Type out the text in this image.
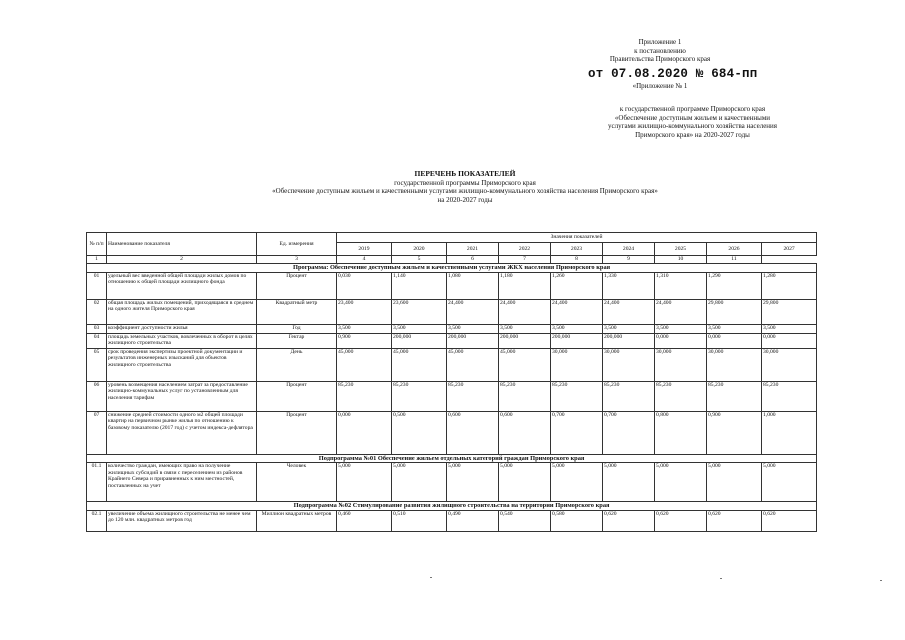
Приложение 1
к постановлению
Правительства Приморского края
от 07.08.2020 № 684-пп
«Приложение № 1
к государственной программе Приморского края
«Обеспечение доступным жильем и качественными
услугами жилищно-коммунального хозяйства населения
Приморского края» на 2020-2027 годы
ПЕРЕЧЕНЬ ПОКАЗАТЕЛЕЙ
государственной программы Приморского края
«Обеспечение доступным жильем и качественными услугами жилищно-коммунального хозяйства населения Приморского края»
на 2020-2027 годы
№ п/п	Наименование показателя	Ед. измерения	Значения показателей								
			2019	2020	2021	2022	2023	2024	2025	2026	2027
1	2	3	4	5	6	7	8	9	10	11	
Программа: Обеспечение доступным жильем и качественными услугами ЖКХ населения Приморского края											
01	удельный вес введенной общей площади жилых домов по отношению к общей площади жилищного фонда	Процент	0,030	1,140	1,080	1,180	1,260	1,330	1,310	1,290	1,280
02	общая площадь жилых помещений, приходящаяся в среднем на одного жителя Приморского края	Квадратный метр	23,400	23,600	24,400	24,400	24,400	24,400	24,400	29,800	29,800
03	коэффициент доступности жилья	Год	3,500	3,500	3,500	3,500	3,500	3,500	3,500	3,500	3,500
04	площадь земельных участков, вовлеченных в оборот в целях жилищного строительства	Гектар	0,900	200,000	200,000	200,000	200,000	200,000	0,000	0,000	0,000
05	срок проведения экспертизы проектной документации и результатов инженерных изысканий для объектов жилищного строительства	День	45,000	45,000	45,000	45,000	30,000	30,000	30,000	30,000	30,000
06	уровень возмещения населением затрат за предоставление жилищно-коммунальных услуг по установленным для населения тарифам	Процент	85,230	85,230	85,230	85,230	85,230	85,230	85,230	85,230	85,230
07	снижение средней стоимости одного м2 общей площади квартир на первичном рынке жилья по отношению к базовому показателю (2017 год) с учетом индекса-дефлятора	Процент	0,000	0,500	0,600	0,600	0,700	0,700	0,800	0,900	1,000
Подпрограмма №01 Обеспечение жильем отдельных категорий граждан Приморского края											
01.1	количество граждан, имеющих право на получение жилищных субсидий в связи с переселением из районов Крайнего Севера и приравненных к ним местностей, поставленных на учет	Человек	5,000	5,000	5,000	5,000	5,000	5,000	5,000	5,000	5,000
Подпрограмма №02 Стимулирование развития жилищного строительства на территории Приморского края											
02.1	увеличение объема жилищного строительства не менее чем до 120 млн. квадратных метров год	Миллион квадратных метров	0,460	0,510	0,490	0,540	0,580	0,620	0,620	0,620	0,620
